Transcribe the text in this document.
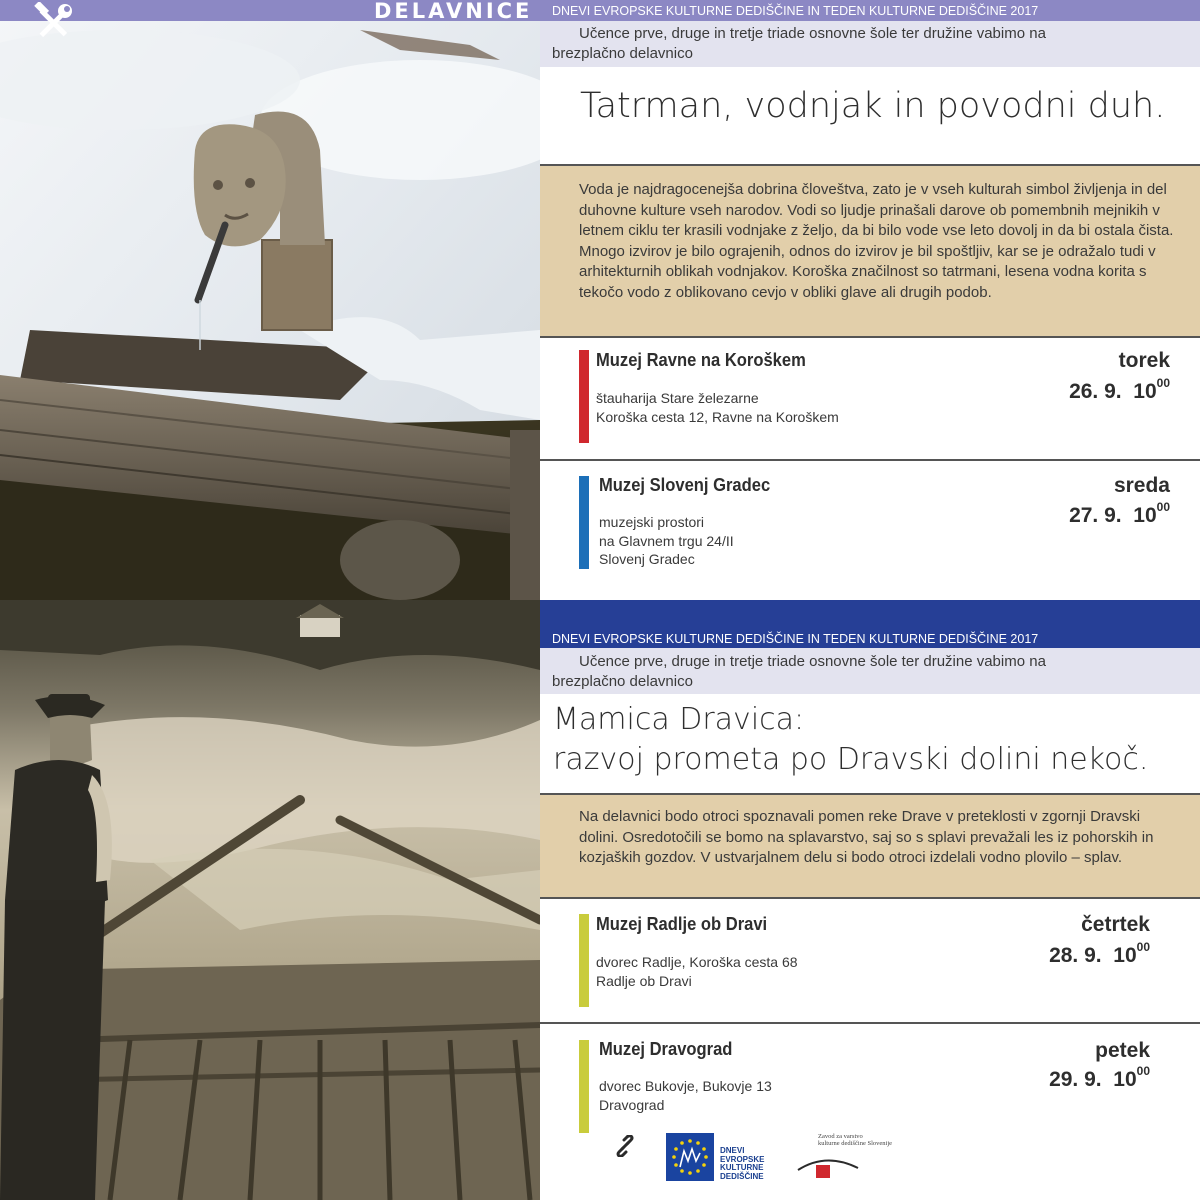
DELAVNICE DNEVI EVROPSKE KULTURNE DEDIŠČINE IN TEDEN KULTURNE DEDIŠČINE 2017
Učence prve, druge in tretje triade osnovne šole ter družine vabimo na brezplačno delavnico
Tatrman, vodnjak in povodni duh.
Voda je najdragocenejša dobrina človeštva, zato je v vseh kulturah simbol življenja in del duhovne kulture vseh narodov. Vodi so ljudje prinašali darove ob pomembnih mejnikih v letnem ciklu ter krasili vodnjake z željo, da bi bilo vode vse leto dovolj in da bi ostala čista. Mnogo izvirov je bilo ograjenih, odnos do izvirov je bil spoštljiv, kar se je odražalo tudi v arhitekturnih oblikah vodnjakov. Koroška značilnost so tatrmani, lesena vodna korita s tekočo vodo z oblikovano cevjo v obliki glave ali drugih podob.
Muzej Ravne na Koroškem
štauharija Stare železarne
Koroška cesta 12, Ravne na Koroškem
torek
26. 9. $10^{00}$
Muzej Slovenj Gradec
muzejski prostori
na Glavnem trgu 24/II
Slovenj Gradec
sreda
27. 9. $10^{00}$
DNEVI EVROPSKE KULTURNE DEDIŠČINE IN TEDEN KULTURNE DEDIŠČINE 2017
Učence prve, druge in tretje triade osnovne šole ter družine vabimo na brezplačno delavnico
Mamica Dravica:
razvoj prometa po Dravski dolini nekoč.
Na delavnici bodo otroci spoznavali pomen reke Drave v preteklosti v zgornji Dravski dolini. Osredotočili se bomo na splavarstvo, saj so s splavi prevažali les iz pohorskih in kozjaških gozdov. V ustvarjalnem delu si bodo otroci izdelali vodno plovilo – splav.
Muzej Radlje ob Dravi
dvorec Radlje, Koroška cesta 68
Radlje ob Dravi
četrtek
28. 9. $10^{00}$
Muzej Dravograd
dvorec Bukovje, Bukovje 13
Dravograd
petek
29. 9. $10^{00}$
DNEVI
EVROPSKE
KULTURNE
DEDIŠČINE
Zavod za varstvo
kulturne dediščine Slovenije
